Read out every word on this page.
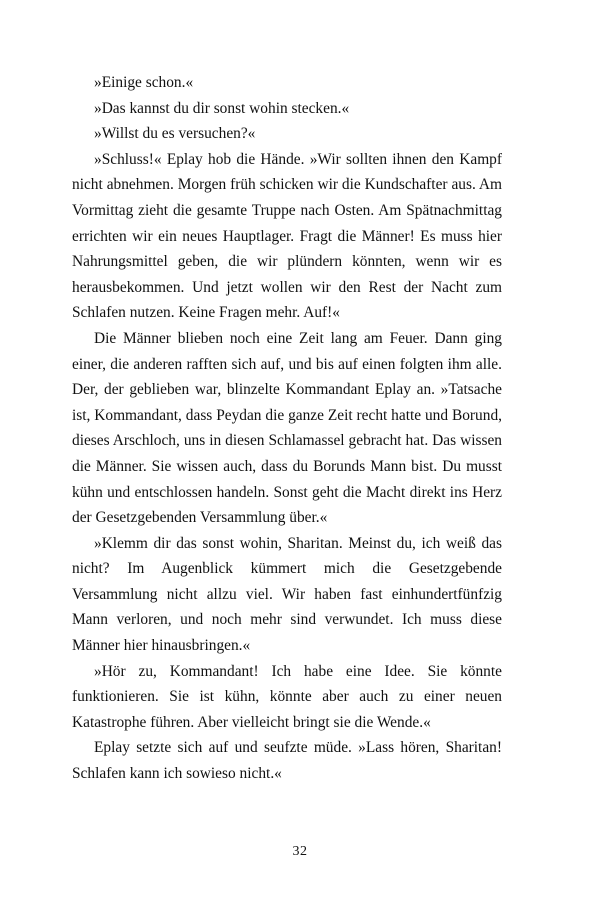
»Einige schon.«

»Das kannst du dir sonst wohin stecken.«

»Willst du es versuchen?«

»Schluss!« Eplay hob die Hände. »Wir sollten ihnen den Kampf nicht abnehmen. Morgen früh schicken wir die Kundschafter aus. Am Vormittag zieht die gesamte Truppe nach Osten. Am Spätnachmittag errichten wir ein neues Hauptlager. Fragt die Männer! Es muss hier Nahrungsmittel geben, die wir plündern könnten, wenn wir es herausbekommen. Und jetzt wollen wir den Rest der Nacht zum Schlafen nutzen. Keine Fragen mehr. Auf!«

Die Männer blieben noch eine Zeit lang am Feuer. Dann ging einer, die anderen rafften sich auf, und bis auf einen folgten ihm alle. Der, der geblieben war, blinzelte Kommandant Eplay an. »Tatsache ist, Kommandant, dass Peydan die ganze Zeit recht hatte und Borund, dieses Arschloch, uns in diesen Schlamassel gebracht hat. Das wissen die Männer. Sie wissen auch, dass du Borunds Mann bist. Du musst kühn und entschlossen handeln. Sonst geht die Macht direkt ins Herz der Gesetzgebenden Versammlung über.«

»Klemm dir das sonst wohin, Sharitan. Meinst du, ich weiß das nicht? Im Augenblick kümmert mich die Gesetzgebende Versammlung nicht allzu viel. Wir haben fast einhundertfünfzig Mann verloren, und noch mehr sind verwundet. Ich muss diese Männer hier hinausbringen.«

»Hör zu, Kommandant! Ich habe eine Idee. Sie könnte funktionieren. Sie ist kühn, könnte aber auch zu einer neuen Katastrophe führen. Aber vielleicht bringt sie die Wende.«

Eplay setzte sich auf und seufzte müde. »Lass hören, Sharitan! Schlafen kann ich sowieso nicht.«

32
